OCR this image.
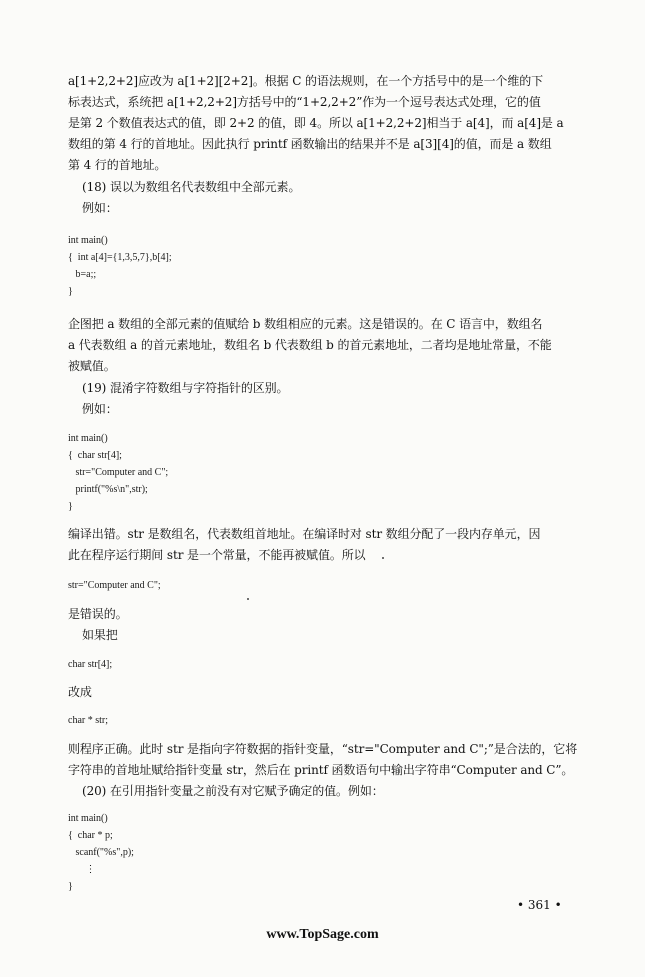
a[1+2,2+2]应改为 a[1+2][2+2]。根据 C 的语法规则，在一个方括号中的是一个维的下
标表达式，系统把 a[1+2,2+2]方括号中的“1+2,2+2”作为一个逗号表达式处理，它的值
是第 2 个数值表达式的值，即 2+2 的值，即 4。所以 a[1+2,2+2]相当于 a[4]，而 a[4]是 a
数组的第 4 行的首地址。因此执行 printf 函数输出的结果并不是 a[3][4]的值，而是 a 数组
第 4 行的首地址。
(18) 误以为数组名代表数组中全部元素。
例如：
int main()
{  int a[4]={1,3,5,7},b[4];
b=a;;
}
企图把 a 数组的全部元素的值赋给 b 数组相应的元素。这是错误的。在 C 语言中，数组名
a 代表数组 a 的首元素地址，数组名 b 代表数组 b 的首元素地址，二者均是地址常量，不能
被赋值。
(19) 混淆字符数组与字符指针的区别。
例如：
int main()
{  char str[4];
str="Computer and C";
printf("%s\n",str);
}
编译出错。str 是数组名，代表数组首地址。在编译时对 str 数组分配了一段内存单元，因
此在程序运行期间 str 是一个常量，不能再被赋值。所以
str="Computer and C";
是错误的。
如果把
char str[4];
改成
char * str;
则程序正确。此时 str 是指向字符数据的指针变量，“str="Computer and C";”是合法的，它将
字符串的首地址赋给指针变量 str，然后在 printf 函数语句中输出字符串“Computer and C”。
(20) 在引用指针变量之前没有对它赋予确定的值。例如：
int main()
{  char * p;
scanf("%s",p);
⋮
}
• 361 •
www.TopSage.com
